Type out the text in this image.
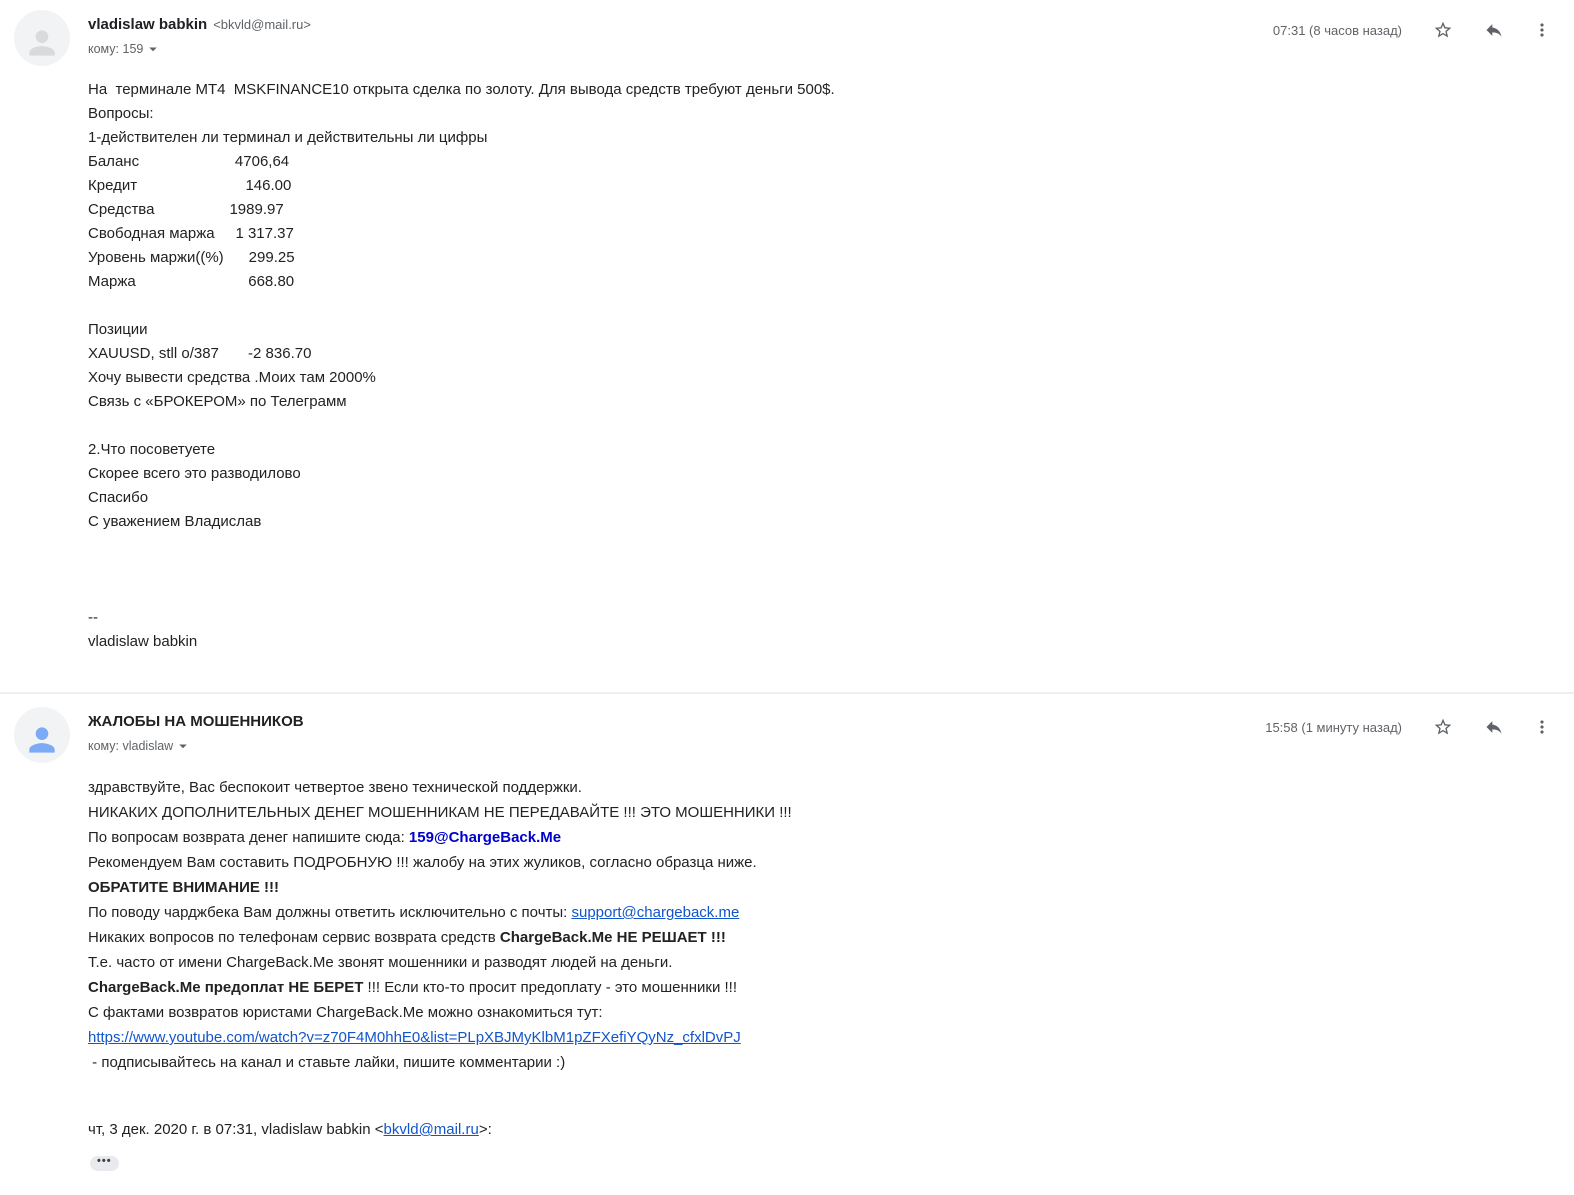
vladislaw babkin <bkvld@mail.ru>
кому: 159
07:31 (8 часов назад)
На  терминале МТ4  MSKFINANCE10 открыта сделка по золоту. Для вывода средств требуют деньги 500$.
Вопросы:
1-действителен ли терминал и действительны ли цифры
Баланс                       4706,64
Кредит                          146.00
Средства                  1989.97
Свободная маржа     1 317.37
Уровень маржи((%)      299.25
Маржа                           668.80
Позиции
XAUUSD, stll o/387       -2 836.70
Хочу вывести средства .Моих там 2000%
Связь с «БРОКЕРОМ» по Телеграмм
2.Что посоветуете
Скорее всего это разводилово
Спасибо
С уважением Владислав
--
vladislaw babkin
ЖАЛОБЫ НА МОШЕННИКОВ
кому: vladislaw
15:58 (1 минуту назад)
здравствуйте, Вас беспокоит четвертое звено технической поддержки.
НИКАКИХ ДОПОЛНИТЕЛЬНЫХ ДЕНЕГ МОШЕННИКАМ НЕ ПЕРЕДАВАЙТЕ !!! ЭТО МОШЕННИКИ !!!
По вопросам возврата денег напишите сюда: 159@ChargeBack.Me
Рекомендуем Вам составить ПОДРОБНУЮ !!! жалобу на этих жуликов, согласно образца ниже.
ОБРАТИТЕ ВНИМАНИЕ !!!
По поводу чарджбека Вам должны ответить исключительно с почты: support@chargeback.me
Никаких вопросов по телефонам сервис возврата средств ChargeBack.Me НЕ РЕШАЕТ !!!
Т.е. часто от имени ChargeBack.Me звонят мошенники и разводят людей на деньги.
ChargeBack.Me предоплат НЕ БЕРЕТ !!! Если кто-то просит предоплату - это мошенники !!!
С фактами возвратов юристами ChargeBack.Me можно ознакомиться тут:
https://www.youtube.com/watch?v=z70F4M0hhE0&list=PLpXBJMyKlbM1pZFXefiYQyNz_cfxlDvPJ
- подписывайтесь на канал и ставьте лайки, пишите комментарии :)
чт, 3 дек. 2020 г. в 07:31, vladislaw babkin <bkvld@mail.ru>:
•••
